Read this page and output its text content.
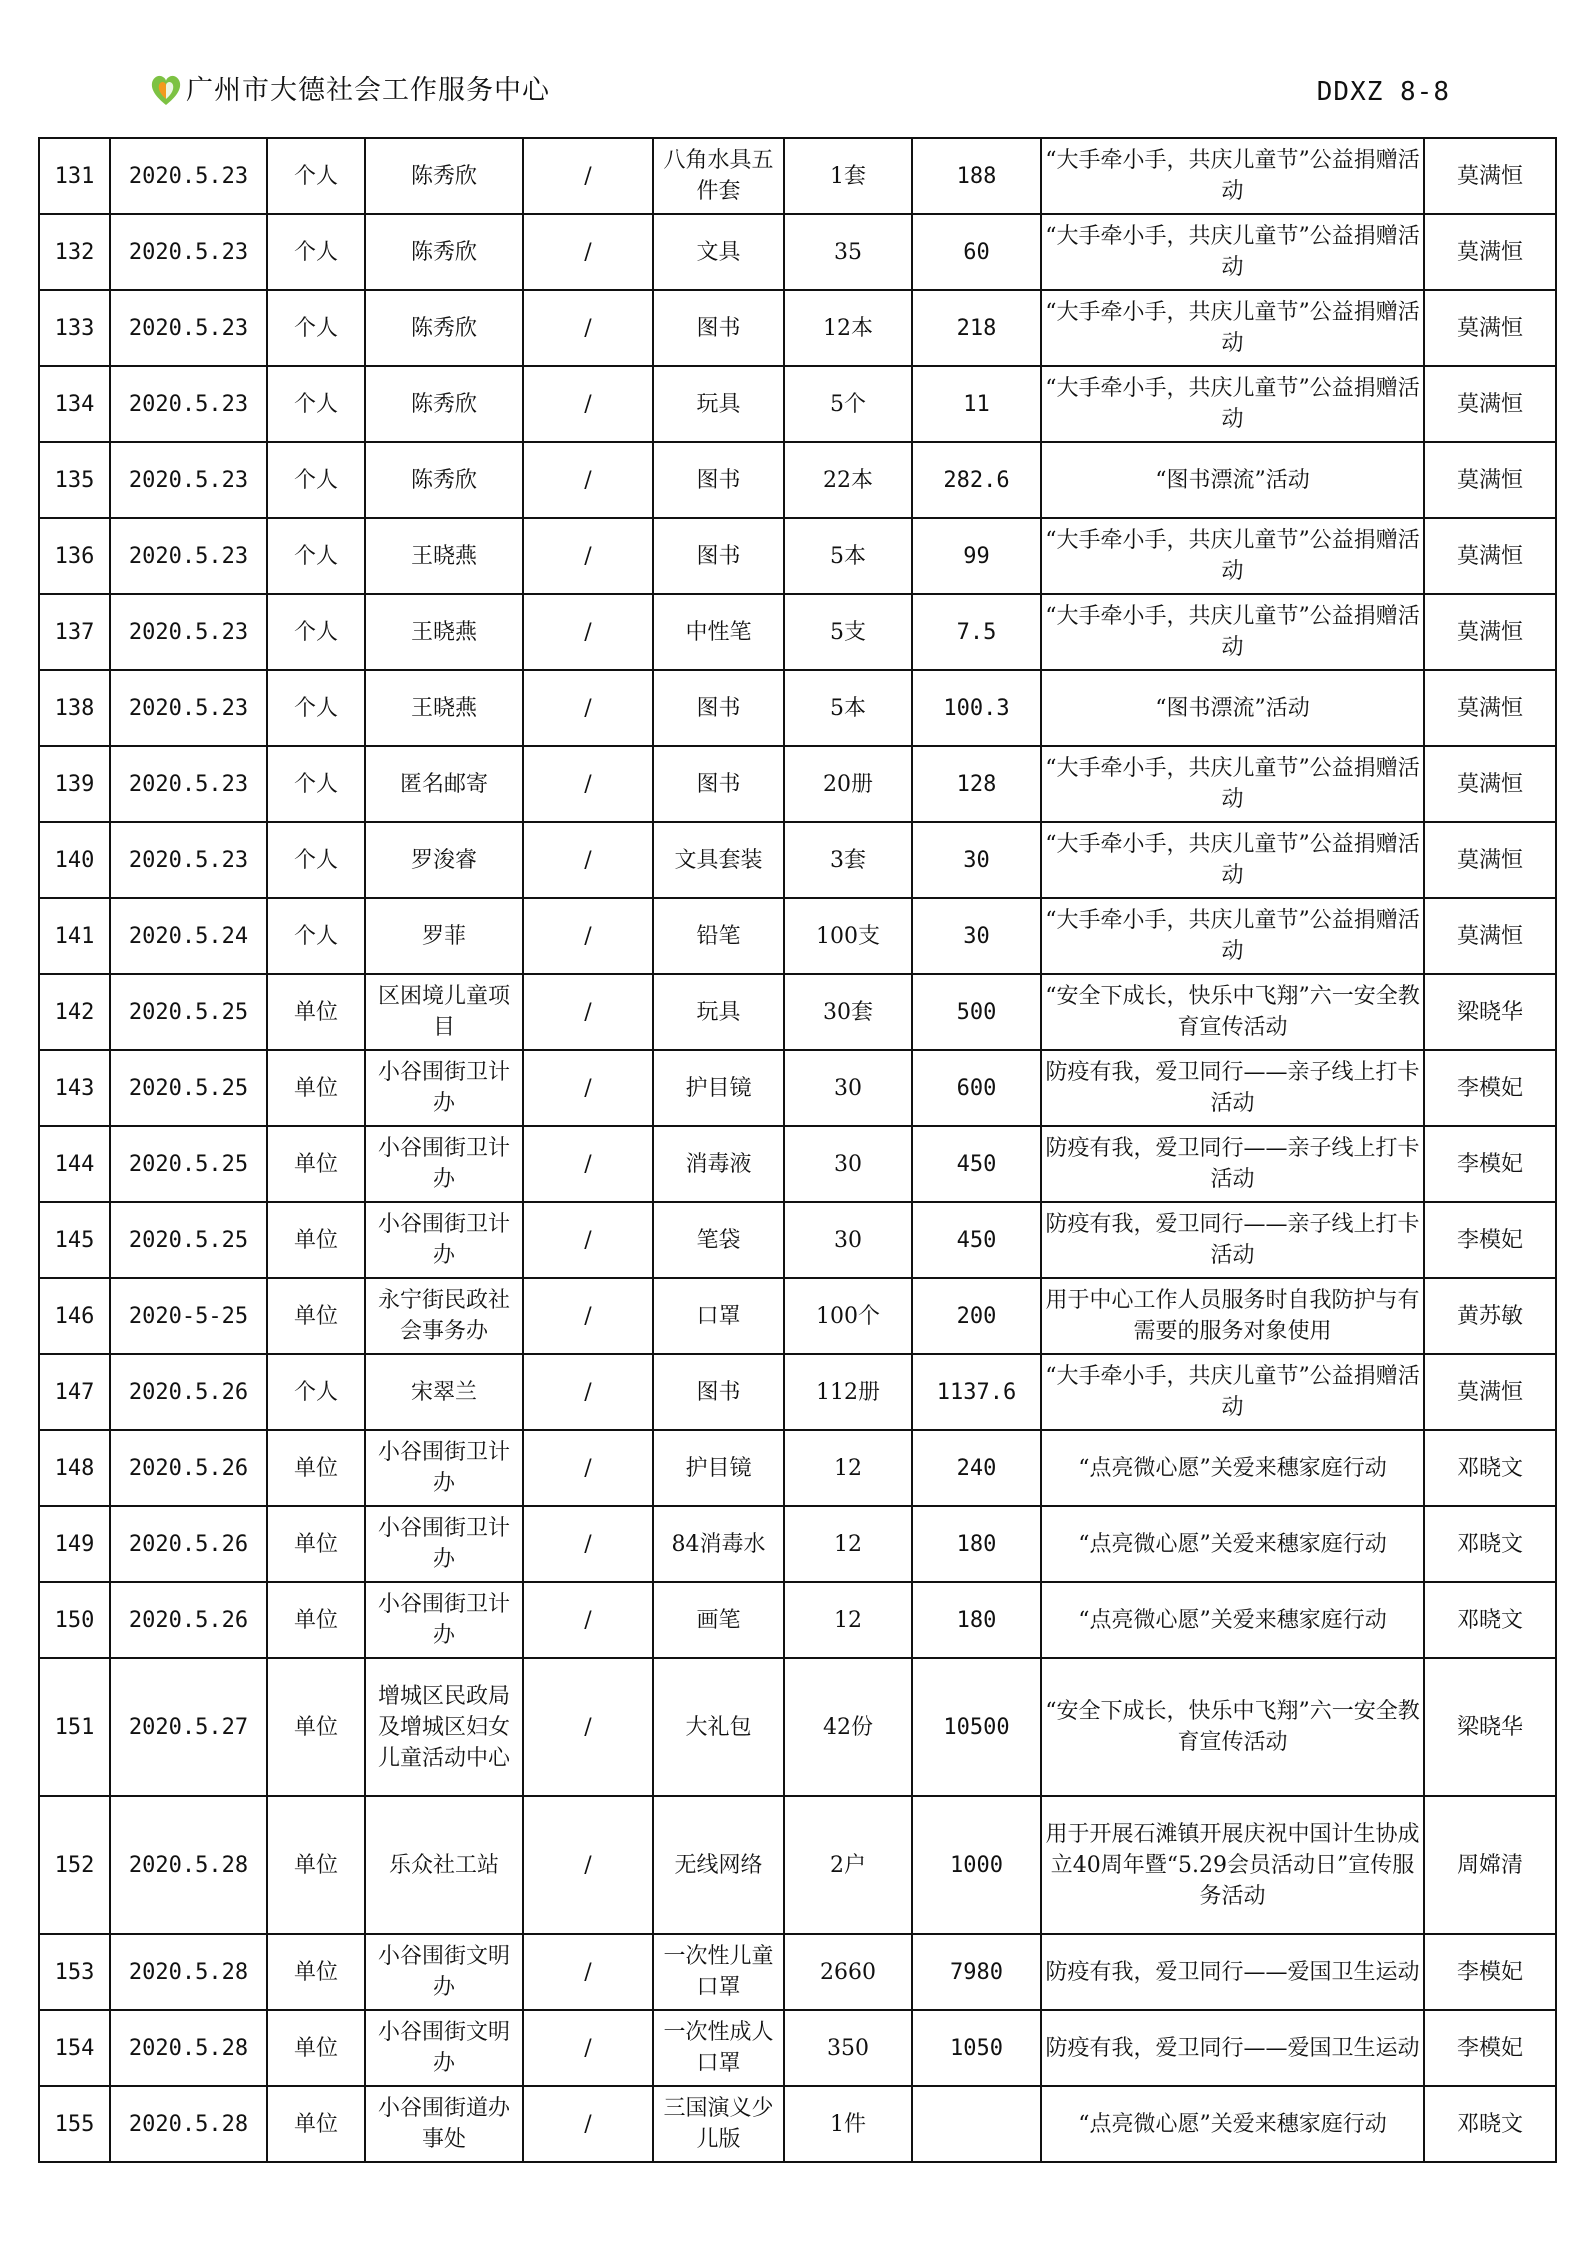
广州市大德社会工作服务中心	DDXZ 8-8
131	2020.5.23	个人	陈秀欣	/	八角水具五件套	1套	188	“大手牵小手，共庆儿童节”公益捐赠活动	莫满恒
132	2020.5.23	个人	陈秀欣	/	文具	35	60	“大手牵小手，共庆儿童节”公益捐赠活动	莫满恒
133	2020.5.23	个人	陈秀欣	/	图书	12本	218	“大手牵小手，共庆儿童节”公益捐赠活动	莫满恒
134	2020.5.23	个人	陈秀欣	/	玩具	5个	11	“大手牵小手，共庆儿童节”公益捐赠活动	莫满恒
135	2020.5.23	个人	陈秀欣	/	图书	22本	282.6	“图书漂流”活动	莫满恒
136	2020.5.23	个人	王晓燕	/	图书	5本	99	“大手牵小手，共庆儿童节”公益捐赠活动	莫满恒
137	2020.5.23	个人	王晓燕	/	中性笔	5支	7.5	“大手牵小手，共庆儿童节”公益捐赠活动	莫满恒
138	2020.5.23	个人	王晓燕	/	图书	5本	100.3	“图书漂流”活动	莫满恒
139	2020.5.23	个人	匿名邮寄	/	图书	20册	128	“大手牵小手，共庆儿童节”公益捐赠活动	莫满恒
140	2020.5.23	个人	罗浚睿	/	文具套装	3套	30	“大手牵小手，共庆儿童节”公益捐赠活动	莫满恒
141	2020.5.24	个人	罗菲	/	铅笔	100支	30	“大手牵小手，共庆儿童节”公益捐赠活动	莫满恒
142	2020.5.25	单位	区困境儿童项目	/	玩具	30套	500	“安全下成长，快乐中飞翔”六一安全教育宣传活动	梁晓华
143	2020.5.25	单位	小谷围街卫计办	/	护目镜	30	600	防疫有我，爱卫同行——亲子线上打卡活动	李模妃
144	2020.5.25	单位	小谷围街卫计办	/	消毒液	30	450	防疫有我，爱卫同行——亲子线上打卡活动	李模妃
145	2020.5.25	单位	小谷围街卫计办	/	笔袋	30	450	防疫有我，爱卫同行——亲子线上打卡活动	李模妃
146	2020-5-25	单位	永宁街民政社会事务办	/	口罩	100个	200	用于中心工作人员服务时自我防护与有需要的服务对象使用	黄苏敏
147	2020.5.26	个人	宋翠兰	/	图书	112册	1137.6	“大手牵小手，共庆儿童节”公益捐赠活动	莫满恒
148	2020.5.26	单位	小谷围街卫计办	/	护目镜	12	240	“点亮微心愿”关爱来穗家庭行动	邓晓文
149	2020.5.26	单位	小谷围街卫计办	/	84消毒水	12	180	“点亮微心愿”关爱来穗家庭行动	邓晓文
150	2020.5.26	单位	小谷围街卫计办	/	画笔	12	180	“点亮微心愿”关爱来穗家庭行动	邓晓文
151	2020.5.27	单位	增城区民政局及增城区妇女儿童活动中心	/	大礼包	42份	10500	“安全下成长，快乐中飞翔”六一安全教育宣传活动	梁晓华
152	2020.5.28	单位	乐众社工站	/	无线网络	2户	1000	用于开展石滩镇开展庆祝中国计生协成立40周年暨“5.29会员活动日”宣传服务活动	周嫦清
153	2020.5.28	单位	小谷围街文明办	/	一次性儿童口罩	2660	7980	防疫有我，爱卫同行——爱国卫生运动	李模妃
154	2020.5.28	单位	小谷围街文明办	/	一次性成人口罩	350	1050	防疫有我，爱卫同行——爱国卫生运动	李模妃
155	2020.5.28	单位	小谷围街道办事处	/	三国演义少儿版	1件		“点亮微心愿”关爱来穗家庭行动	邓晓文
